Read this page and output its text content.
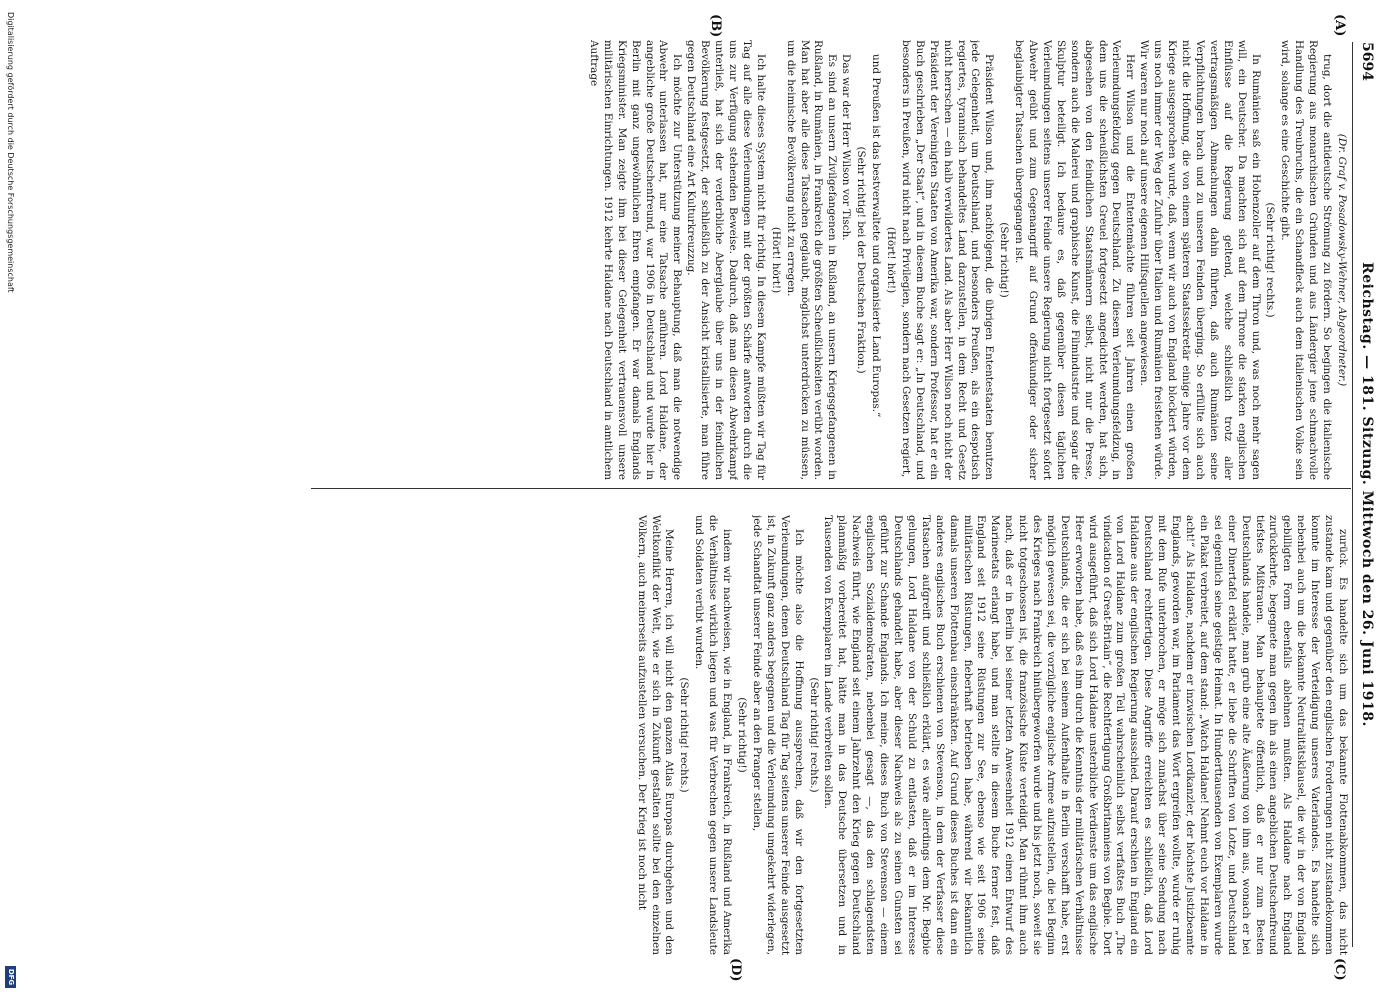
5694
Reichstag. — 181. Sitzung. Mittwoch den 26. Juni 1918.
(A)
(B)
(C)
(D)

(Dr. Graf v. Posadowsky-Wehner, Abgeordneter.)

trug, dort die antideutsche Strömung zu fördern. So begingen die italienische Regierung aus monarchischen Gründen und aus Ländergier jene schmachvolle Handlung des Treubruchs, die ein Schandfleck auch dem italienischen Volke sein wird, solange es eine Geschichte gibt.

(Sehr richtig! rechts.)

In Rumänien saß ein Hohenzoller auf dem Thron und, was noch mehr sagen will, ein Deutscher. Da machten sich auf dem Throne die starken englischen Einflüsse auf die Regierung geltend, welche schließlich trotz aller vertragsmäßigen Abmachungen dahin führten, daß auch Rumänien seine Verpflichtungen brach und zu unseren Feinden überging. So erfüllte sich auch nicht die Hoffnung, die von einem späteren Staatssekretär einige Jahre vor dem Kriege ausgesprochen wurde, daß, wenn wir auch von England blockiert würden, uns noch immer der Weg der Zufuhr über Italien und Rumänien freistehen würde. Wir waren nur noch auf unsere eigenen Hilfsquellen angewiesen.

Herr Wilson und die Ententemächte führen seit Jahren einen großen Verleumdungsfeldzug gegen Deutschland. Zu diesem Verleumdungsfeldzug, in dem uns die scheußlichsten Greuel fortgesetzt angedichtet werden, hat sich, abgesehen von den feindlichen Staatsmännern selbst, nicht nur die Presse, sondern auch die Malerei und graphische Kunst, die Filmindustrie und sogar die Skulptur beteiligt. Ich bedaure es, daß gegenüber diesen täglichen Verleumdungen seitens unserer Feinde unsere Regierung nicht fortgesetzt sofort Abwehr geübt und zum Gegenangriff auf Grund offenkundiger oder sicher beglaubigter Tatsachen übergegangen ist.

(Sehr richtig!)

Präsident Wilson und, ihm nachfolgend, die übrigen Ententestaaten benutzen jede Gelegenheit, um Deutschland, und besonders Preußen, als ein despotisch regiertes, tyrannisch behandeltes Land darzustellen, in dem Recht und Gesetz nicht herrschen — ein halb verwildertes Land. Als aber Herr Wilson noch nicht der Präsident der Vereinigten Staaten von Amerika war, sondern Professor, hat er ein Buch geschrieben „Der Staat“, und in diesem Buche sagt er: „In Deutschland, und besonders in Preußen, wird nicht nach Privilegien, sondern nach Gesetzen regiert,

(Hört! hört!)

und Preußen ist das bestverwaltete und organisierte Land Europas.“

(Sehr richtig! bei der Deutschen Fraktion.)

Das war der Herr Wilson vor Tisch.

Es sind an unsern Zivilgefangenen in Rußland, an unsern Kriegsgefangenen in Rußland, in Rumänien, in Frankreich die größten Scheußlichkeiten verübt worden. Man hat aber alle diese Tatsachen geglaubt, möglichst unterdrücken zu müssen, um die heimische Bevölkerung nicht zu erregen.

(Hört! hört!)

Ich halte dieses System nicht für richtig. In diesem Kampfe müßten wir Tag für Tag auf alle diese Verleumdungen mit der größten Schärfe antworten durch die uns zur Verfügung stehenden Beweise. Dadurch, daß man diesen Abwehrkampf unterließ, hat sich der verderbliche Aberglaube über uns in der feindlichen Bevölkerung festgesetzt, der schließlich zu der Ansicht kristallisierte, man führe gegen Deutschland eine Art Kulturkreuzzug.

Ich möchte zur Unterstützung meiner Behauptung, daß man die notwendige Abwehr unterlassen hat, nur eine Tatsache anführen. Lord Haldane, der angebliche große Deutschenfreund, war 1906 in Deutschland und wurde hier in Berlin mit ganz ungewöhnlichen Ehren empfangen. Er war damals Englands Kriegsminister. Man zeigte ihm bei dieser Gelegenheit vertrauensvoll unsere militärischen Einrichtungen. 1912 kehrte Haldane nach Deutschland in amtlichem Auftrage

zurück. Es handelte sich um das bekannte Flottenabkommen, das nicht zustande kam und gegenüber den englischen Forderungen nicht zustandekommen konnte im Interesse der Verteidigung unseres Vaterlandes. Es handelte sich nebenbei auch um die bekannte Neutralitätsklausel, die wir in der von England gebilligten Form ebenfalls ablehnen mußten. Als Haldane nach England zurückkehrte, begegnete man gegen ihn als einen angeblichen Deutschenfreund tiefstes Mißtrauen. Man behauptete öffentlich, daß er nur zum Besten Deutschlands handele, man grub eine alte Äußerung von ihm aus, wonach er bei einer Dinertafel erklärt hatte, er liebe die Schriften von Lotze, und Deutschland sei eigentlich seine geistige Heimat. In Hunderttausenden von Exemplaren wurde ein Plakat verbreitet, auf dem stand: „Watch Haldane! Nehmt euch vor Haldane in acht!“ Als Haldane, nachdem er inzwischen Lordkanzler, der höchste Justizbeamte Englands, geworden war, im Parlament das Wort ergreifen wollte, wurde er ruhig mit dem Rufe unterbrochen, er möge sich zunächst über seine Sendung nach Deutschland rechtfertigen. Diese Angriffe erreichten es schließlich, daß Lord Haldane aus der englischen Regierung ausschied. Darauf erschien in England ein von Lord Haldane zum großen Teil wahrscheinlich selbst verfaßtes Buch „The vindication of Great-Britain“, die Rechtfertigung Großbritanniens von Begbie. Dort wird ausgeführt, daß sich Lord Haldane unsterbliche Verdienste um das englische Heer erworben habe, daß es ihm durch die Kenntnis der militärischen Verhältnisse Deutschlands, die er sich bei seinem Aufenthalte in Berlin verschafft habe, erst möglich gewesen sei, die vorzügliche englische Armee aufzustellen, die bei Beginn des Krieges nach Frankreich hinübergeworfen wurde und bis jetzt noch, soweit sie nicht totgeschossen ist, die französische Küste verteidigt. Man rühmt ihm auch nach, daß er in Berlin bei seiner letzten Anwesenheit 1912 einen Entwurf des Marineetats erlangt habe, und man stellte in diesem Buche ferner fest, daß England seit 1912 seine Rüstungen zur See, ebenso wie seit 1906 seine militärischen Rüstungen, fieberhaft betrieben habe, während wir bekanntlich damals unseren Flottenbau einschränkten. Auf Grund dieses Buches ist dann ein anderes englisches Buch erschienen von Stevenson, in dem der Verfasser diese Tatsachen aufgreift und schließlich erklärt, es wäre allerdings dem Mr. Begbie gelungen, Lord Haldane von der Schuld zu entlasten, daß er im Interesse Deutschlands gehandelt habe, aber dieser Nachweis als zu seinen Gunsten sei geführt zur Schande Englands. Ich meine, dieses Buch von Stevenson — einem englischen Sozialdemokraten, nebenbei gesagt —, das den schlagendsten Nachweis führt, wie England seit einem Jahrzehnt den Krieg gegen Deutschland planmäßig vorbereitet hat, hätte man in das Deutsche übersetzen und in Tausenden von Exemplaren im Lande verbreiten sollen.

(Sehr richtig! rechts.)

Ich möchte also die Hoffnung aussprechen, daß wir den fortgesetzten Verleumdungen, denen Deutschland Tag für Tag seitens unserer Feinde ausgesetzt ist, in Zukunft ganz anders begegnen und die Verleumdung umgekehrt widerlegen, jede Schandtat unserer Feinde aber an den Pranger stellen,

(Sehr richtig!)

indem wir nachweisen, wie in England, in Frankreich, in Rußland und Amerika die Verhältnisse wirklich liegen und was für Verbrechen gegen unsere Landsleute und Soldaten verübt wurden.

(Sehr richtig! rechts.)

Meine Herren, ich will nicht den ganzen Atlas Europas durchgehen und den Weltkonflikt der Welt, wie er sich in Zukunft gestalten sollte bei den einzelnen Völkern, auch meinerseits aufzustellen versuchen. Der Krieg ist noch nicht

Digitalisierung gefördert durch die Deutsche Forschungsgemeinschaft
DFG
